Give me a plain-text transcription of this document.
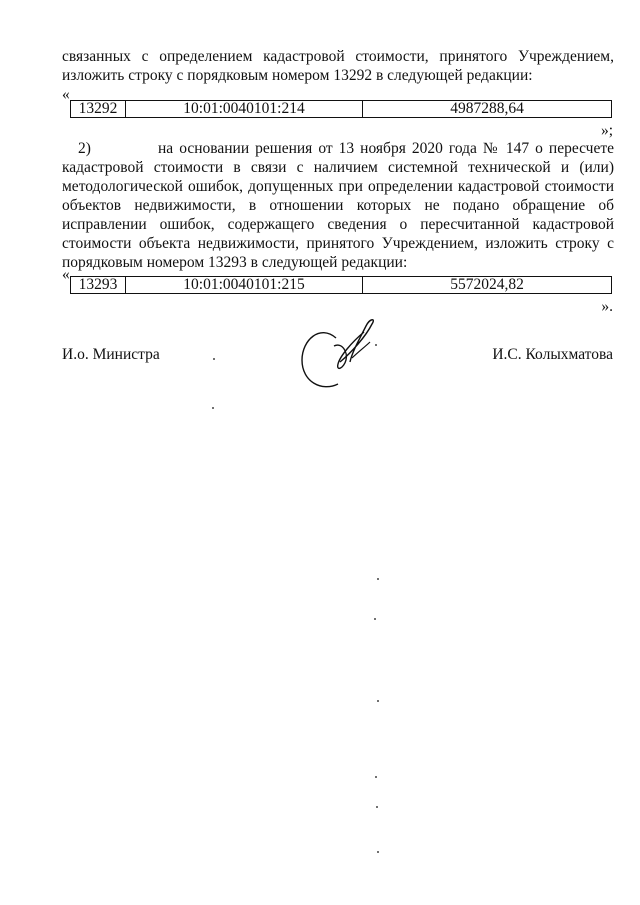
связанных с определением кадастровой стоимости, принятого Учреждением,
изложить строку с порядковым номером 13292 в следующей редакции:
«
13292	10:01:0040101:214	4987288,64
»;
2)	на основании решения от 13 ноября 2020 года № 147 о пересчете
кадастровой стоимости в связи с наличием системной технической и (или)
методологической ошибок, допущенных при определении кадастровой стоимости
объектов недвижимости, в отношении которых не подано обращение об
исправлении ошибок, содержащего сведения о пересчитанной кадастровой
стоимости объекта недвижимости, принятого Учреждением, изложить строку с
порядковым номером 13293 в следующей редакции:
«
13293	10:01:0040101:215	5572024,82
».
И.о. Министра	И.С. Колыхматова
